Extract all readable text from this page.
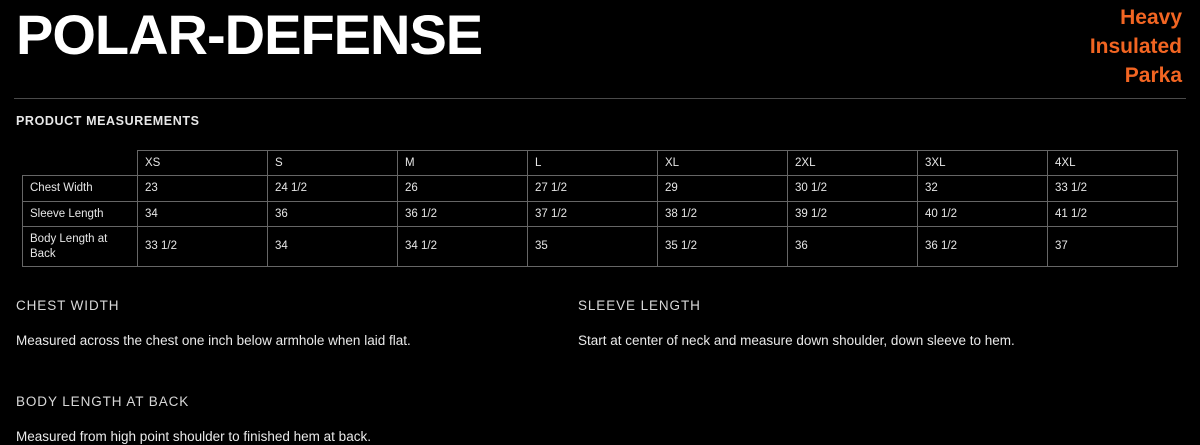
POLAR-DEFENSE	Heavy
Insulated
Parka
PRODUCT MEASUREMENTS
	XS	S	M	L	XL	2XL	3XL	4XL
Chest Width	23	24 1/2	26	27 1/2	29	30 1/2	32	33 1/2
Sleeve Length	34	36	36 1/2	37 1/2	38 1/2	39 1/2	40 1/2	41 1/2
Body Length at Back	33 1/2	34	34 1/2	35	35 1/2	36	36 1/2	37
CHEST WIDTH
Measured across the chest one inch below armhole when laid flat.
SLEEVE LENGTH
Start at center of neck and measure down shoulder, down sleeve to hem.
BODY LENGTH AT BACK
Measured from high point shoulder to finished hem at back.
